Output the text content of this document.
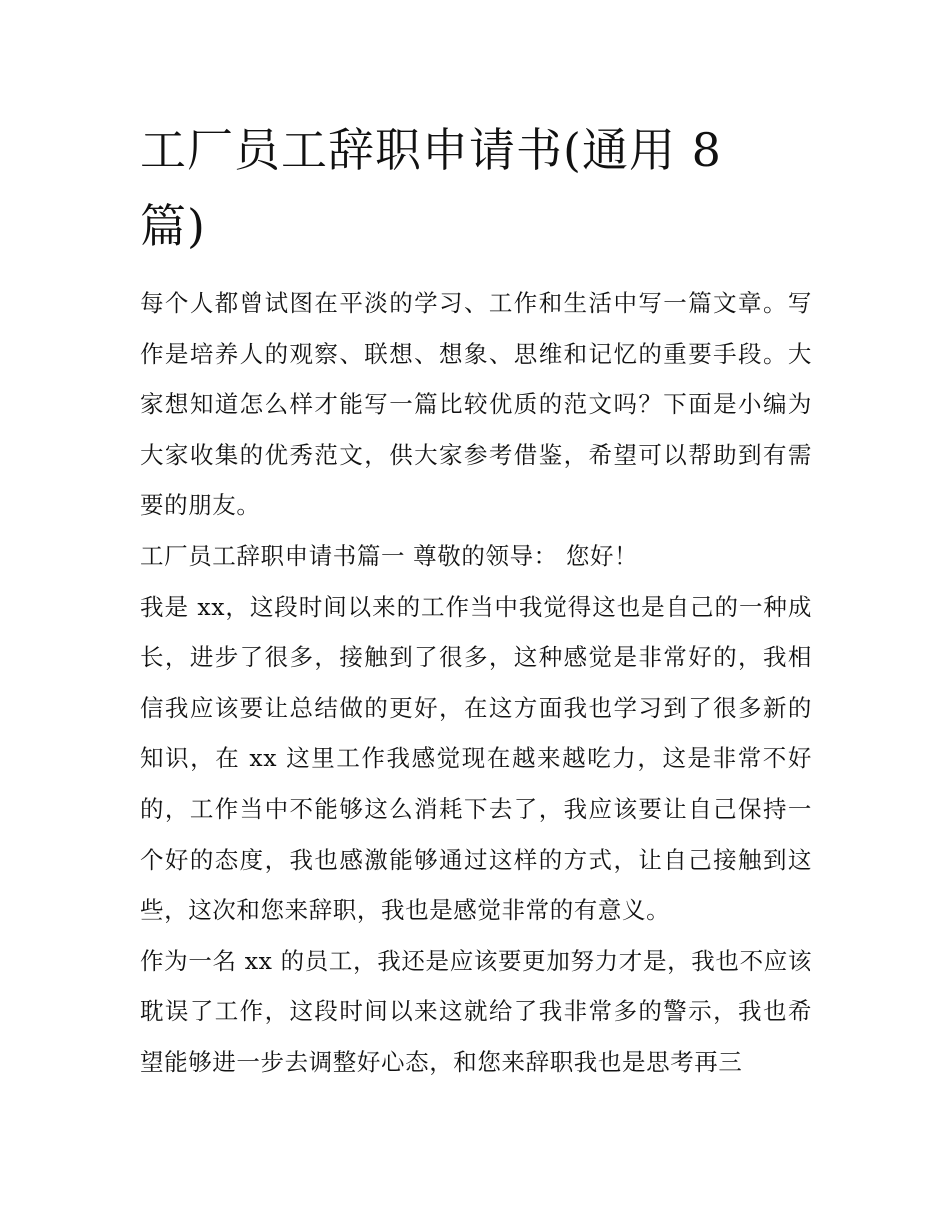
工厂员工辞职申请书(通用 8 篇)

每个人都曾试图在平淡的学习、工作和生活中写一篇文章。写作是培养人的观察、联想、想象、思维和记忆的重要手段。大家想知道怎么样才能写一篇比较优质的范文吗？下面是小编为大家收集的优秀范文，供大家参考借鉴，希望可以帮助到有需要的朋友。

工厂员工辞职申请书篇一 尊敬的领导： 您好！

我是 xx，这段时间以来的工作当中我觉得这也是自己的一种成长，进步了很多，接触到了很多，这种感觉是非常好的，我相信我应该要让总结做的更好，在这方面我也学习到了很多新的知识，在 xx 这里工作我感觉现在越来越吃力，这是非常不好的，工作当中不能够这么消耗下去了，我应该要让自己保持一个好的态度，我也感激能够通过这样的方式，让自己接触到这些，这次和您来辞职，我也是感觉非常的有意义。

作为一名 xx 的员工，我还是应该要更加努力才是，我也不应该耽误了工作，这段时间以来这就给了我非常多的警示，我也希望能够进一步去调整好心态，和您来辞职我也是思考再三
